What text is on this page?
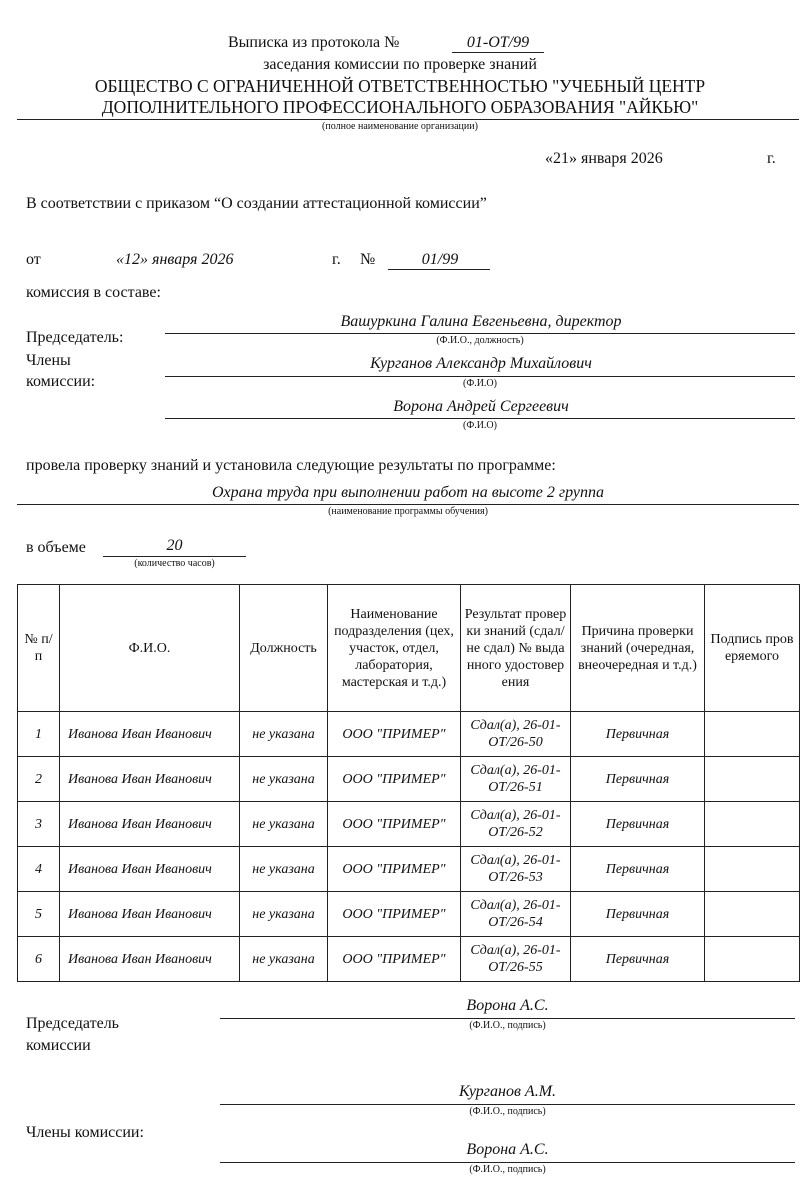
Выписка из протокола №	01-ОТ/99
заседания комиссии по проверке знаний
ОБЩЕСТВО С ОГРАНИЧЕННОЙ ОТВЕТСТВЕННОСТЬЮ "УЧЕБНЫЙ ЦЕНТР
ДОПОЛНИТЕЛЬНОГО ПРОФЕССИОНАЛЬНОГО ОБРАЗОВАНИЯ "АЙКЬЮ"
(полное наименование организации)
«21» января 2026	г.
В соответствии с приказом “О создании аттестационной комиссии”
от	«12» января 2026	г. №	01/99
комиссия в составе:
Председатель:
Члены
комиссии:
Вашуркина Галина Евгеньевна, директор
(Ф.И.О., должность)
Курганов Александр Михайлович
(Ф.И.О)
Ворона Андрей Сергеевич
(Ф.И.О)
провела проверку знаний и установила следующие результаты по программе:
Охрана труда при выполнении работ на высоте 2 группа
(наименование программы обучения)
в объеме	20
(количество часов)
№ п/п	Ф.И.О.	Должность	Наименование подразделения (цех, участок, отдел, лаборатория, мастерская и т.д.)	Результат проверки знаний (сдал/не сдал) № выданного удостоверения	Причина проверки знаний (очередная, внеочередная и т.д.)	Подпись проверяемого
1	Иванова Иван Иванович	не указана	ООО "ПРИМЕР"	Сдал(а), 26-01-ОТ/26-50	Первичная	
2	Иванова Иван Иванович	не указана	ООО "ПРИМЕР"	Сдал(а), 26-01-ОТ/26-51	Первичная	
3	Иванова Иван Иванович	не указана	ООО "ПРИМЕР"	Сдал(а), 26-01-ОТ/26-52	Первичная	
4	Иванова Иван Иванович	не указана	ООО "ПРИМЕР"	Сдал(а), 26-01-ОТ/26-53	Первичная	
5	Иванова Иван Иванович	не указана	ООО "ПРИМЕР"	Сдал(а), 26-01-ОТ/26-54	Первичная	
6	Иванова Иван Иванович	не указана	ООО "ПРИМЕР"	Сдал(а), 26-01-ОТ/26-55	Первичная	
Ворона А.С.
(Ф.И.О., подпись)
Председатель
комиссии
Курганов А.М.
(Ф.И.О., подпись)
Члены комиссии:
Ворона А.С.
(Ф.И.О., подпись)
